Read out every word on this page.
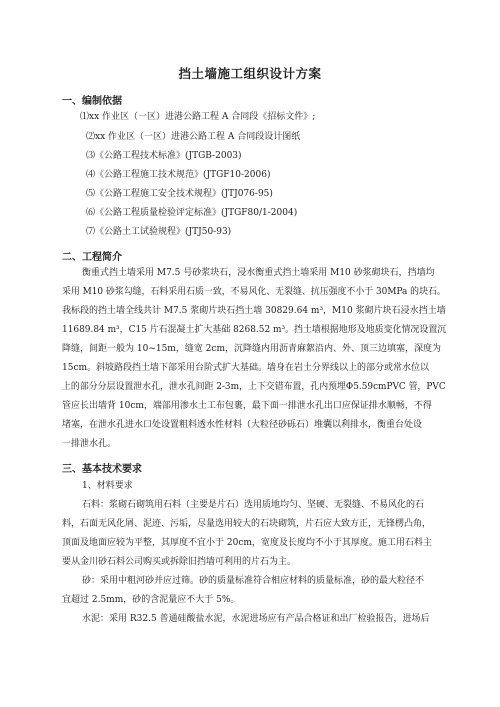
挡土墙施工组织设计方案
一、编制依据
⑴xx 作业区（一区）进港公路工程 A 合同段《招标文件》;
⑵xx 作业区（一区）进港公路工程 A 合同段设计图纸
⑶《公路工程技术标准》(JTGB-2003)
⑷《公路工程施工技术规范》(JTGF10-2006)
⑸《公路工程施工安全技术规程》(JTJ076-95)
⑹《公路工程质量检验评定标准》(JTGF80/1-2004)
⑺《公路土工试验规程》(JTJ50-93)
二、工程简介
衡重式挡土墙采用 M7.5 号砂浆块石，浸水衡重式挡土墙采用 M10 砂浆砌块石，挡墙均
采用 M10 砂浆勾缝，石料采用石质一致，不易风化、无裂缝、抗压强度不小于 30MPa 的块石。
我标段的挡土墙全线共计 M7.5 浆砌片块石挡土墙 30829.64 m³，M10 浆砌片块石浸水挡土墙
11689.84 m³，C15 片石混凝土扩大基础 8268.52 m³。挡土墙根据地形及地质变化情况设置沉
降缝，间距一般为 10~15m，缝宽 2cm，沉降缝内用沥青麻絮沿内、外、顶三边填塞，深度为
15cm。斜坡路段挡土墙下部采用台阶式扩大基础。墙身在岩土分界线以上的部分或常水位以
上的部分分层设置泄水孔，泄水孔间距 2-3m，上下交错布置，孔内预埋Φ5.59cmPVC 管，PVC
管应长出墙背 10cm，端部用渗水土工布包裹，最下面一排泄水孔出口应保证排水顺畅，不得
堵塞，在泄水孔进水口处设置粗料透水性材料（大粒径砂砾石）堆囊以利排水，衡重台处设
一排泄水孔。
三、基本技术要求
1、材料要求
石料：浆砌石砌筑用石料（主要是片石）选用质地均匀、坚硬、无裂缝、不易风化的石
料，石面无风化屑、泥迹、污垢，尽量选用较大的石块砌筑，片石应大致方正，无锋楞凸角，
顶面及地面应较为平整，其厚度不宜小于 20cm，宽度及长度均不小于其厚度。施工用石料主
要从金川砂石料公司购买或拆除旧挡墙可利用的片石为主。
砂：采用中粗河砂并应过筛。砂的质量标准符合相应材料的质量标准，砂的最大粒径不
宜超过 2.5mm，砂的含泥量应不大于 5%。
水泥：采用 R32.5 普通硅酸盐水泥，水泥进场应有产品合格证和出厂检验报告，进场后
